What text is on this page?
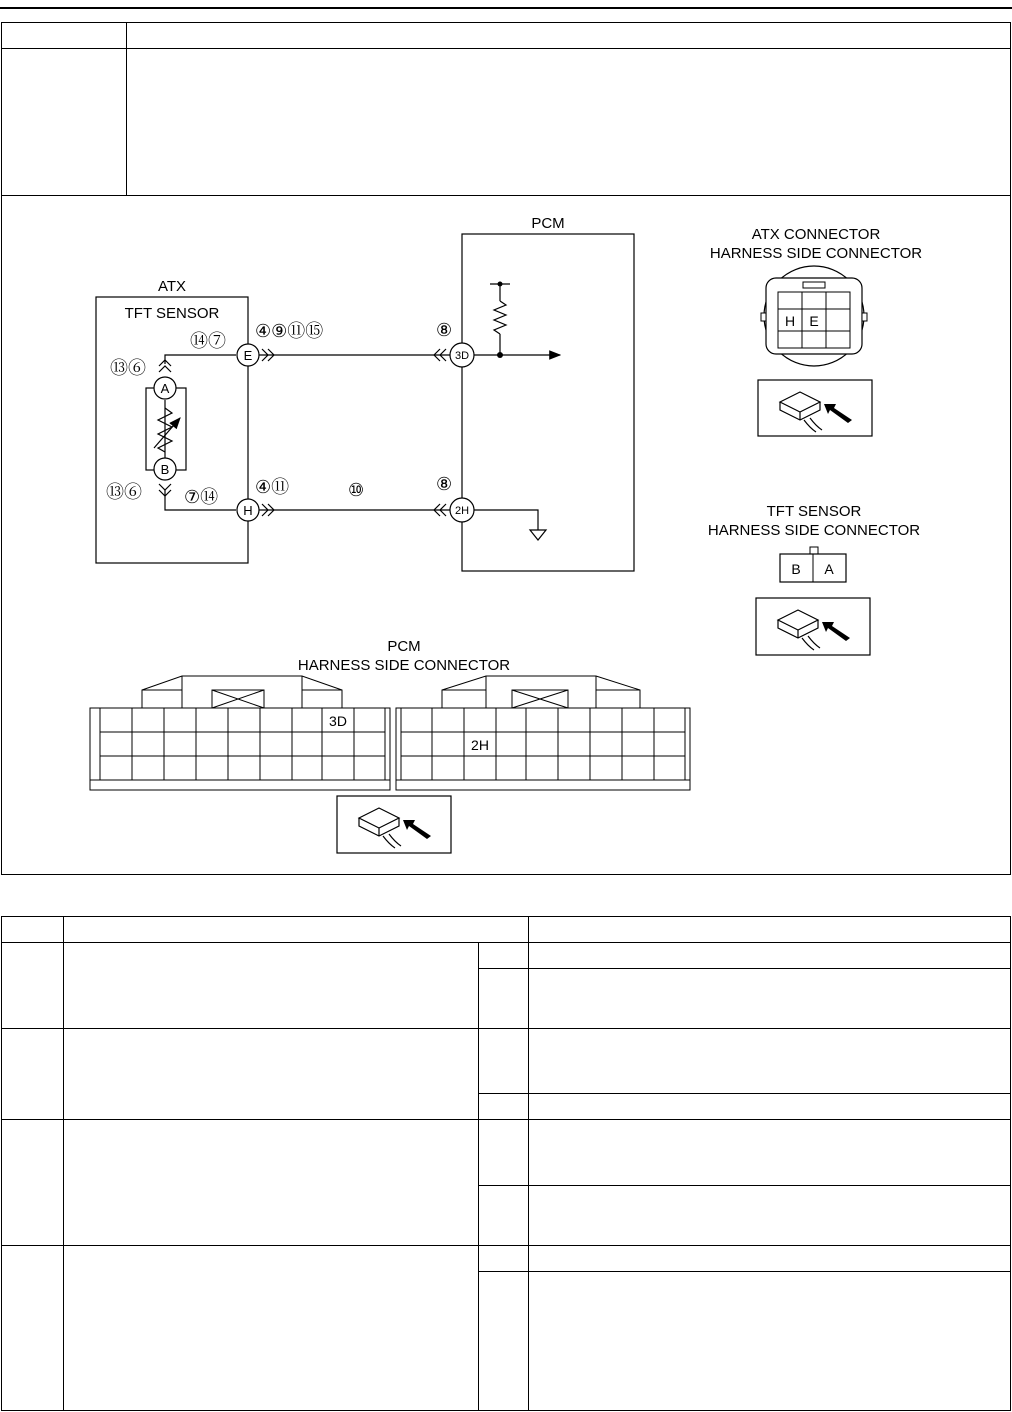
PCM
ATX
TFT SENSOR
A
B
E
H
3D
2H
⑭⑦ ④⑨⑪⑮
⑬⑥
⑬⑥ ⑦⑭ ④⑪	⑩
⑧
⑧
ATX CONNECTOR
HARNESS SIDE CONNECTOR
H E
TFT SENSOR
HARNESS SIDE CONNECTOR
B A
PCM
HARNESS SIDE CONNECTOR
3D
2H
